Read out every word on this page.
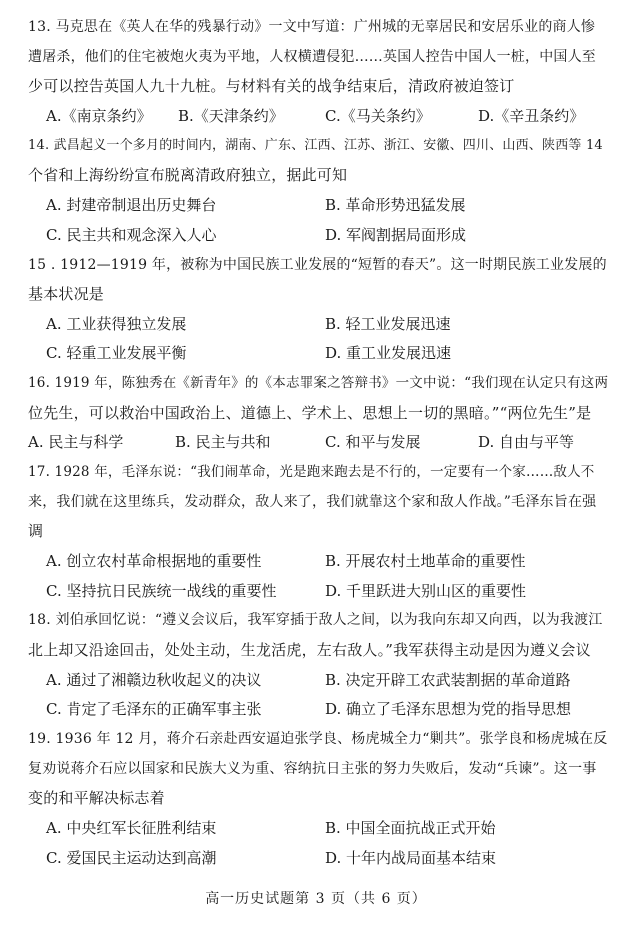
13. 马克思在《英人在华的残暴行动》一文中写道：广州城的无辜居民和安居乐业的商人惨
遭屠杀，他们的住宅被炮火夷为平地，人权横遭侵犯……英国人控告中国人一桩，中国人至
少可以控告英国人九十九桩。与材料有关的战争结束后，清政府被迫签订
A.《南京条约》 B.《天津条约》	C.《马关条约》	D.《辛丑条约》
14. 武昌起义一个多月的时间内，湖南、广东、江西、江苏、浙江、安徽、四川、山西、陕西等 14
个省和上海纷纷宣布脱离清政府独立，据此可知
A. 封建帝制退出历史舞台	B. 革命形势迅猛发展
C. 民主共和观念深入人心	D. 军阀割据局面形成
15 . 1912—1919 年，被称为中国民族工业发展的“短暂的春天”。这一时期民族工业发展的
基本状况是
A. 工业获得独立发展	B. 轻工业发展迅速
C. 轻重工业发展平衡	D. 重工业发展迅速
16. 1919 年，陈独秀在《新青年》的《本志罪案之答辩书》一文中说：“我们现在认定只有这两
位先生，可以救治中国政治上、道德上、学术上、思想上一切的黑暗。”“两位先生”是
A. 民主与科学	B. 民主与共和	C. 和平与发展	D. 自由与平等
17. 1928 年，毛泽东说：“我们闹革命，光是跑来跑去是不行的，一定要有一个家……敌人不
来，我们就在这里练兵，发动群众，敌人来了，我们就靠这个家和敌人作战。”毛泽东旨在强
调
A. 创立农村革命根据地的重要性	B. 开展农村土地革命的重要性
C. 坚持抗日民族统一战线的重要性	D. 千里跃进大别山区的重要性
18. 刘伯承回忆说：“遵义会议后，我军穿插于敌人之间，以为我向东却又向西，以为我渡江
北上却又沿途回击，处处主动，生龙活虎，左右敌人。”我军获得主动是因为遵义会议
A. 通过了湘赣边秋收起义的决议	B. 决定开辟工农武装割据的革命道路
C. 肯定了毛泽东的正确军事主张	D. 确立了毛泽东思想为党的指导思想
19. 1936 年 12 月，蒋介石亲赴西安逼迫张学良、杨虎城全力“剿共”。张学良和杨虎城在反
复劝说蒋介石应以国家和民族大义为重、容纳抗日主张的努力失败后，发动“兵谏”。这一事
变的和平解决标志着
A. 中央红军长征胜利结束	B. 中国全面抗战正式开始
C. 爱国民主运动达到高潮	D. 十年内战局面基本结束
高一历史试题第 3 页（共 6 页）
